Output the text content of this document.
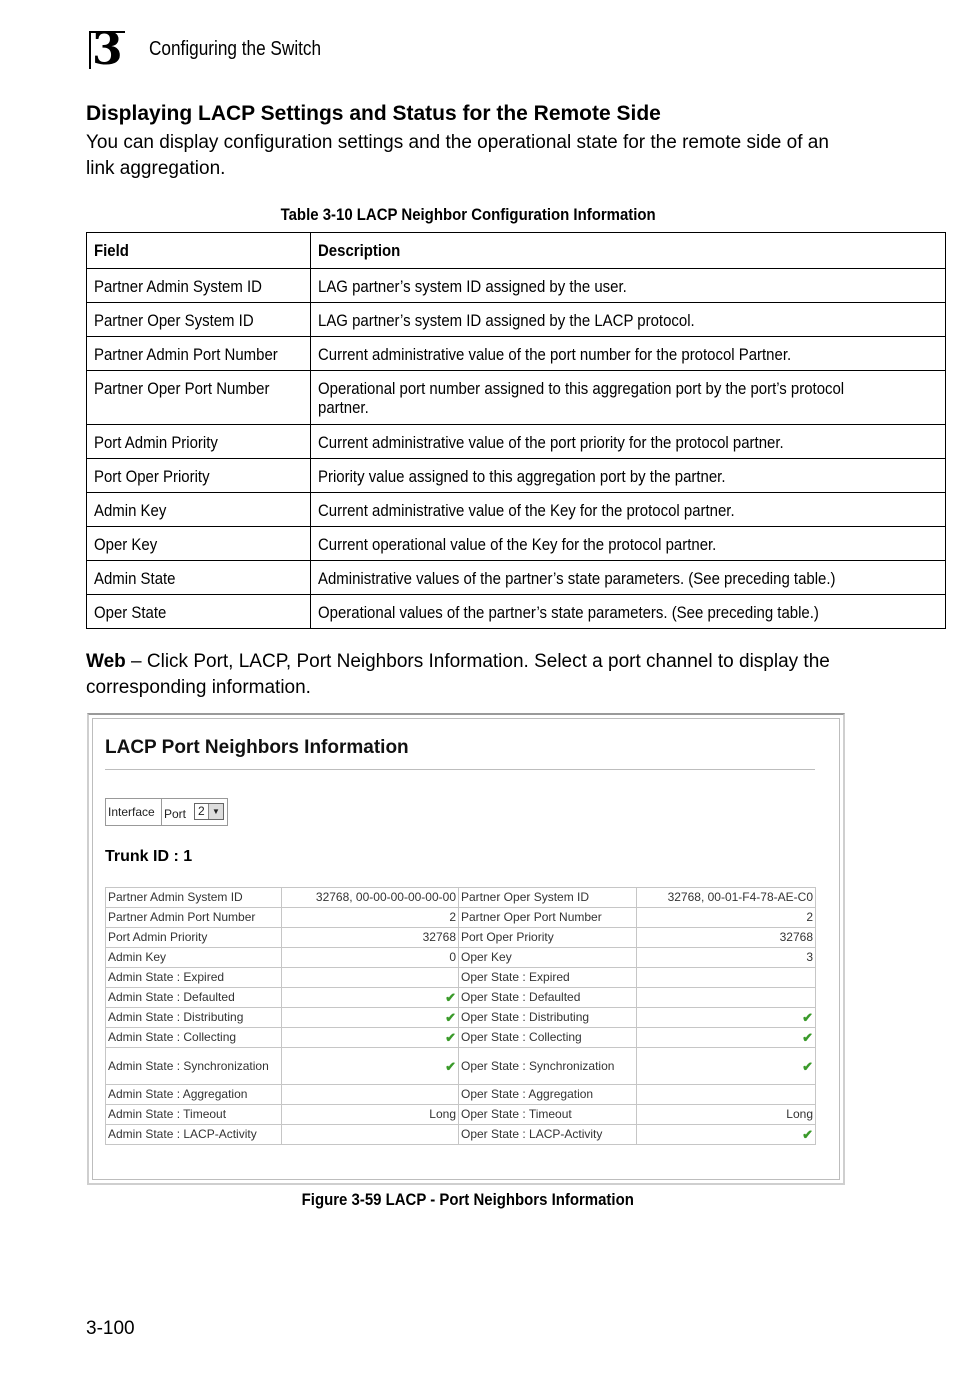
3 Configuring the Switch
Displaying LACP Settings and Status for the Remote Side
You can display configuration settings and the operational state for the remote side of an link aggregation.
Table 3-10 LACP Neighbor Configuration Information
Field	Description
Partner Admin System ID	LAG partner’s system ID assigned by the user.
Partner Oper System ID	LAG partner’s system ID assigned by the LACP protocol.
Partner Admin Port Number	Current administrative value of the port number for the protocol Partner.
Partner Oper Port Number	Operational port number assigned to this aggregation port by the port’s protocol partner.

Port Admin Priority	Current administrative value of the port priority for the protocol partner.
Port Oper Priority	Priority value assigned to this aggregation port by the partner.
Admin Key	Current administrative value of the Key for the protocol partner.
Oper Key	Current operational value of the Key for the protocol partner.
Admin State	Administrative values of the partner’s state parameters. (See preceding table.)
Oper State	Operational values of the partner’s state parameters. (See preceding table.)
Web – Click Port, LACP, Port Neighbors Information. Select a port channel to display the corresponding information.
LACP Port Neighbors Information
Interface Port 2 ▼
Trunk ID : 1
Partner Admin System ID	32768, 00-00-00-00-00-00	Partner Oper System ID	32768, 00-01-F4-78-AE-C0
Partner Admin Port Number	2	Partner Oper Port Number	2
Port Admin Priority	32768	Port Oper Priority	32768
Admin Key	0	Oper Key	3
Admin State : Expired		Oper State : Expired	
Admin State : Defaulted	✔	Oper State : Defaulted	
Admin State : Distributing	✔	Oper State : Distributing	✔
Admin State : Collecting	✔	Oper State : Collecting	✔
Admin State : Synchronization	✔	Oper State : Synchronization	✔
Admin State : Aggregation		Oper State : Aggregation	
Admin State : Timeout	Long	Oper State : Timeout	Long
Admin State : LACP-Activity		Oper State : LACP-Activity	✔
Figure 3-59 LACP - Port Neighbors Information
3-100
